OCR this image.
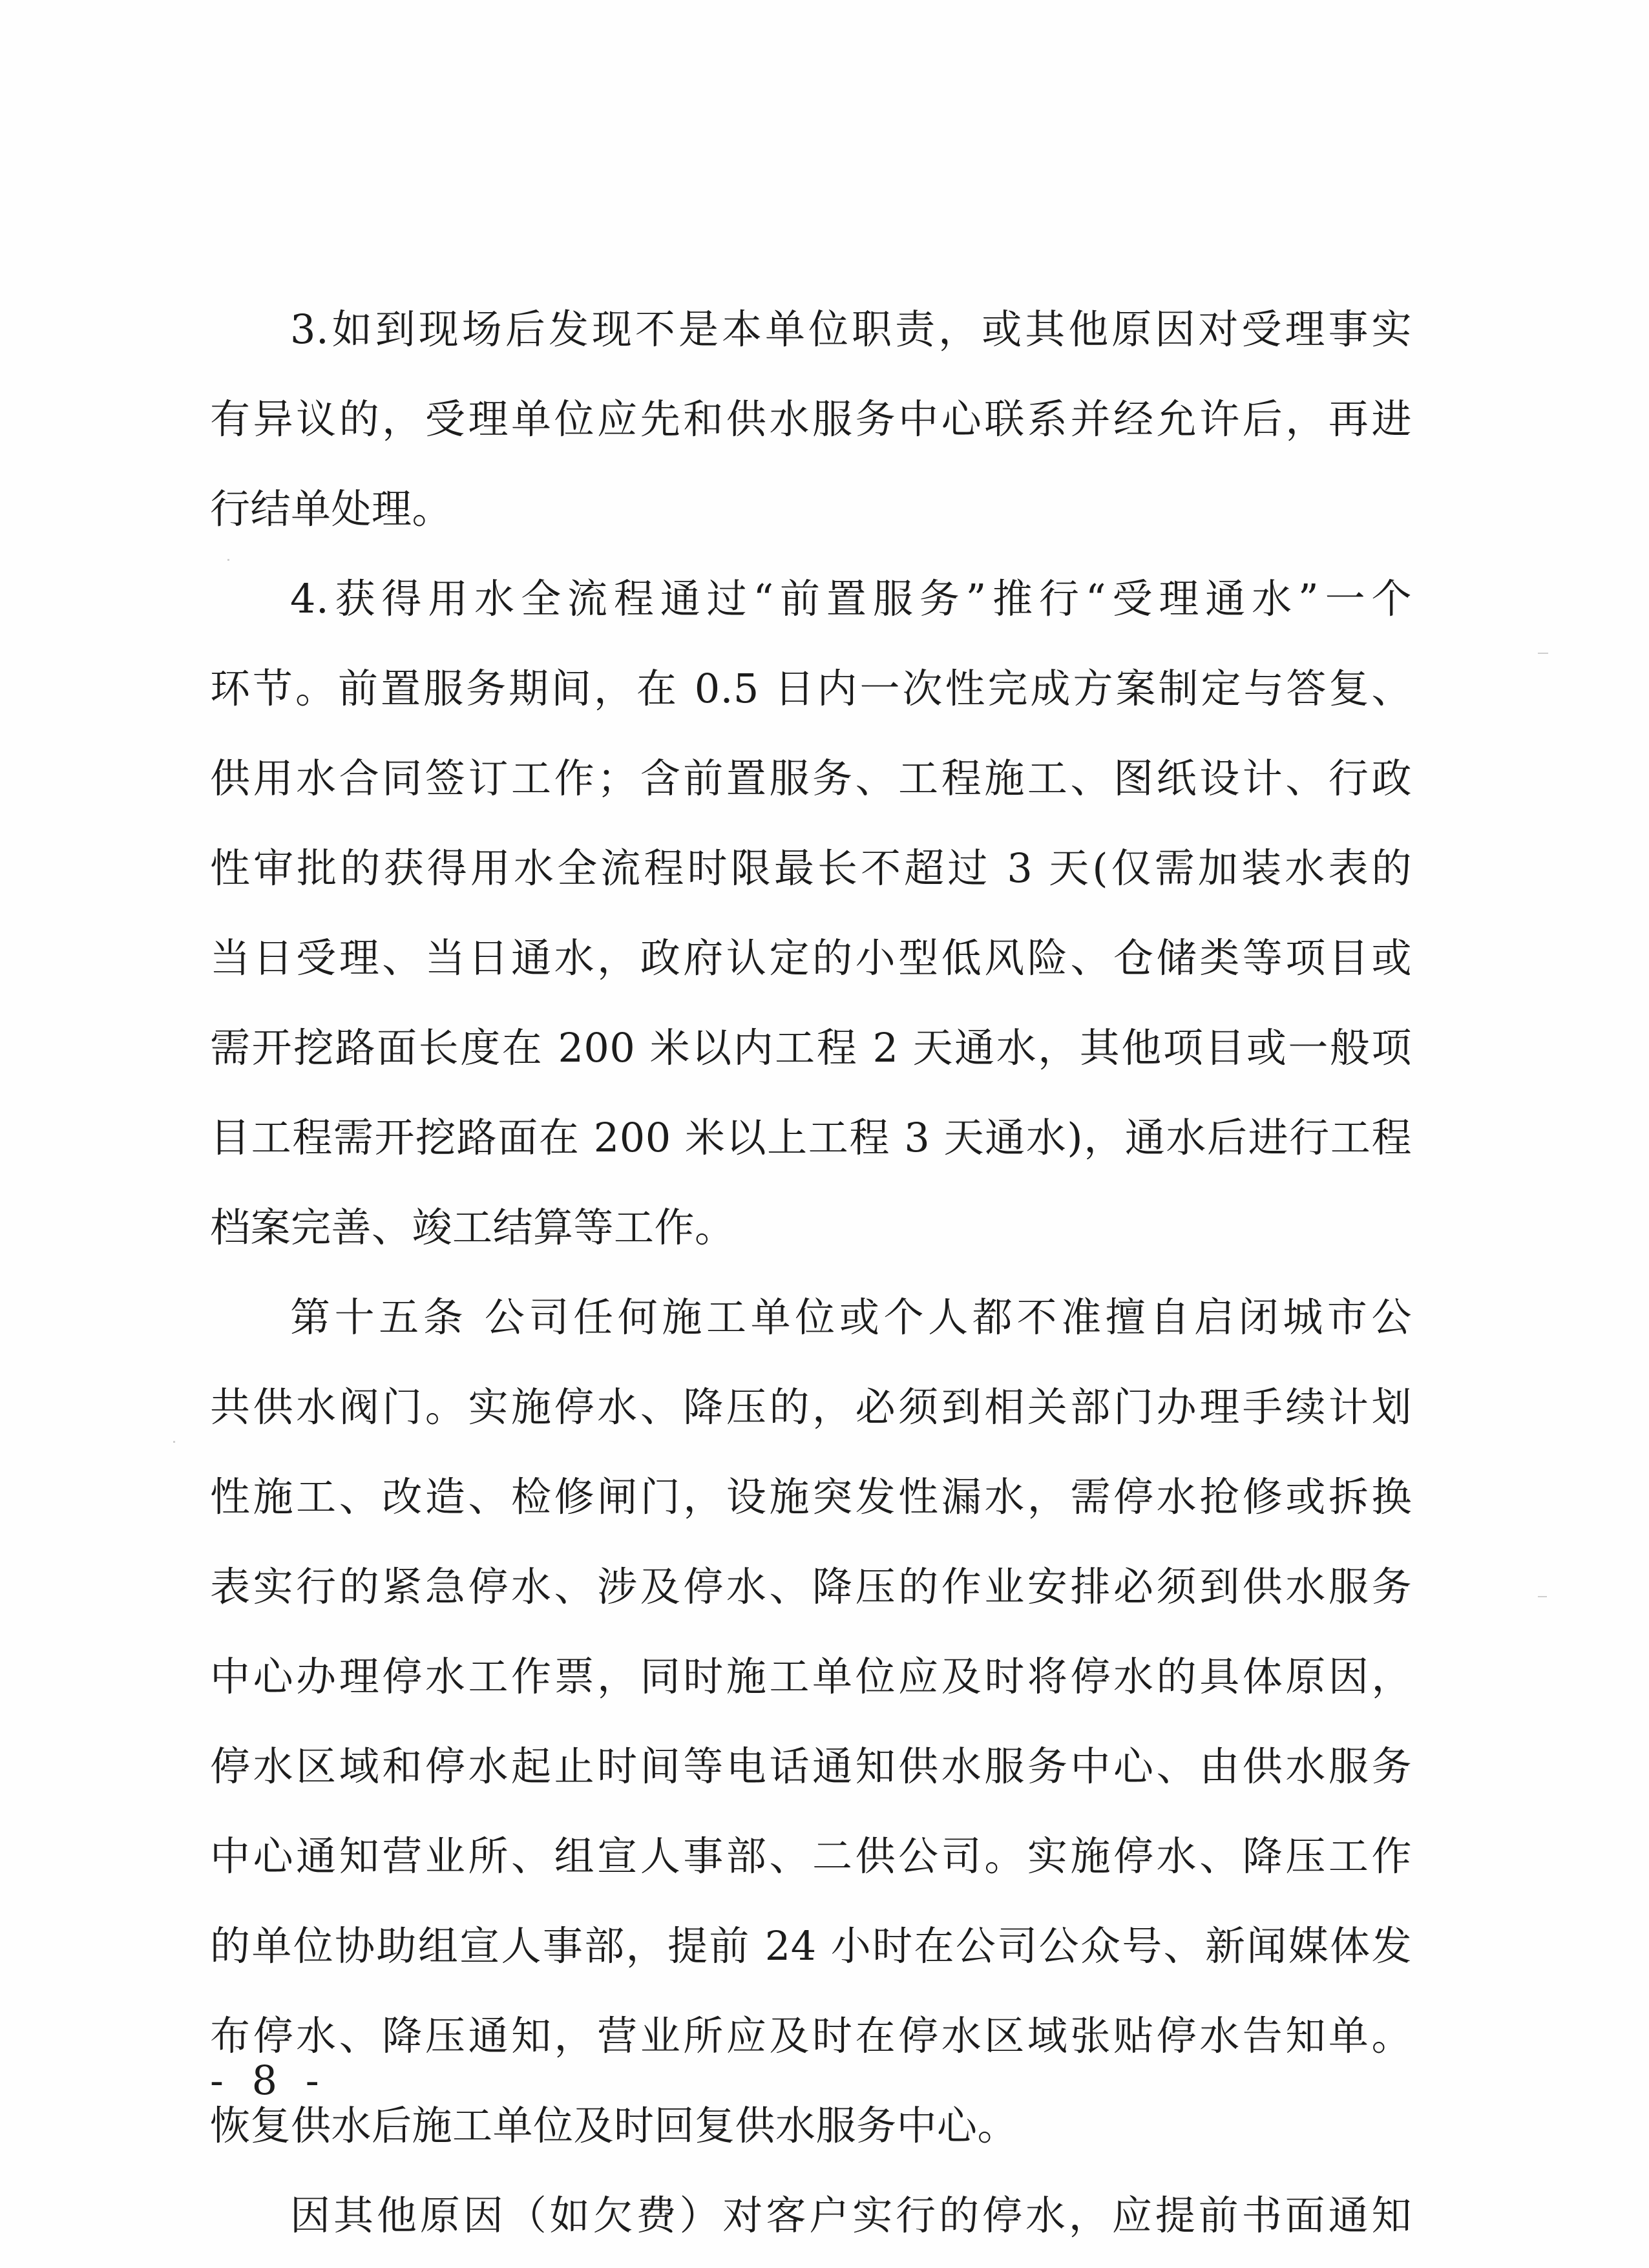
3.如到现场后发现不是本单位职责，或其他原因对受理事实
有异议的，受理单位应先和供水服务中心联系并经允许后，再进
行结单处理。
4.获得用水全流程通过“前置服务”推行“受理通水”一个
环节。前置服务期间，在 0.5 日内一次性完成方案制定与答复、
供用水合同签订工作；含前置服务、工程施工、图纸设计、行政
性审批的获得用水全流程时限最长不超过 3 天(仅需加装水表的
当日受理、当日通水，政府认定的小型低风险、仓储类等项目或
需开挖路面长度在 200 米以内工程 2 天通水，其他项目或一般项
目工程需开挖路面在 200 米以上工程 3 天通水)，通水后进行工程
档案完善、竣工结算等工作。
第十五条 公司任何施工单位或个人都不准擅自启闭城市公
共供水阀门。实施停水、降压的，必须到相关部门办理手续计划
性施工、改造、检修闸门，设施突发性漏水，需停水抢修或拆换
表实行的紧急停水、涉及停水、降压的作业安排必须到供水服务
中心办理停水工作票，同时施工单位应及时将停水的具体原因，
停水区域和停水起止时间等电话通知供水服务中心、由供水服务
中心通知营业所、组宣人事部、二供公司。实施停水、降压工作
的单位协助组宣人事部，提前 24 小时在公司公众号、新闻媒体发
布停水、降压通知，营业所应及时在停水区域张贴停水告知单。
恢复供水后施工单位及时回复供水服务中心。
因其他原因（如欠费）对客户实行的停水，应提前书面通知
- 8 -
